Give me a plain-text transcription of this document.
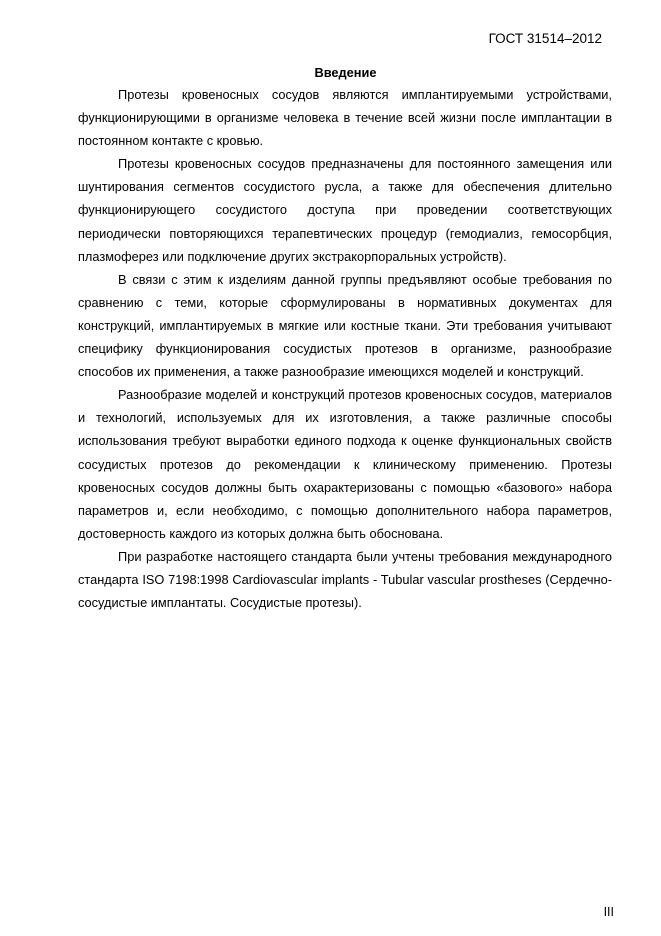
ГОСТ 31514–2012
Введение

Протезы кровеносных сосудов являются имплантируемыми устройствами, функционирующими в организме человека в течение всей жизни после имплантации в постоянном контакте с кровью.

Протезы кровеносных сосудов предназначены для постоянного замещения или шунтирования сегментов сосудистого русла, а также для обеспечения длительно функционирующего сосудистого доступа при проведении соответствующих периодически повторяющихся терапевтических процедур (гемодиализ, гемосорбция, плазмоферез или подключение других экстракорпоральных устройств).

В связи с этим к изделиям данной группы предъявляют особые требования по сравнению с теми, которые сформулированы в нормативных документах для конструкций, имплантируемых в мягкие или костные ткани. Эти требования учитывают специфику функционирования сосудистых протезов в организме, разнообразие способов их применения, а также разнообразие имеющихся моделей и конструкций.

Разнообразие моделей и конструкций протезов кровеносных сосудов, материалов и технологий, используемых для их изготовления, а также различные способы использования требуют выработки единого подхода к оценке функциональных свойств сосудистых протезов до рекомендации к клиническому применению. Протезы кровеносных сосудов должны быть охарактеризованы с помощью «базового» набора параметров и, если необходимо, с помощью дополнительного набора параметров, достоверность каждого из которых должна быть обоснована.

При разработке настоящего стандарта были учтены требования международного стандарта ISO 7198:1998 Cardiovascular implants - Tubular vascular prostheses (Сердечно-сосудистые имплантаты. Сосудистые протезы).

III
